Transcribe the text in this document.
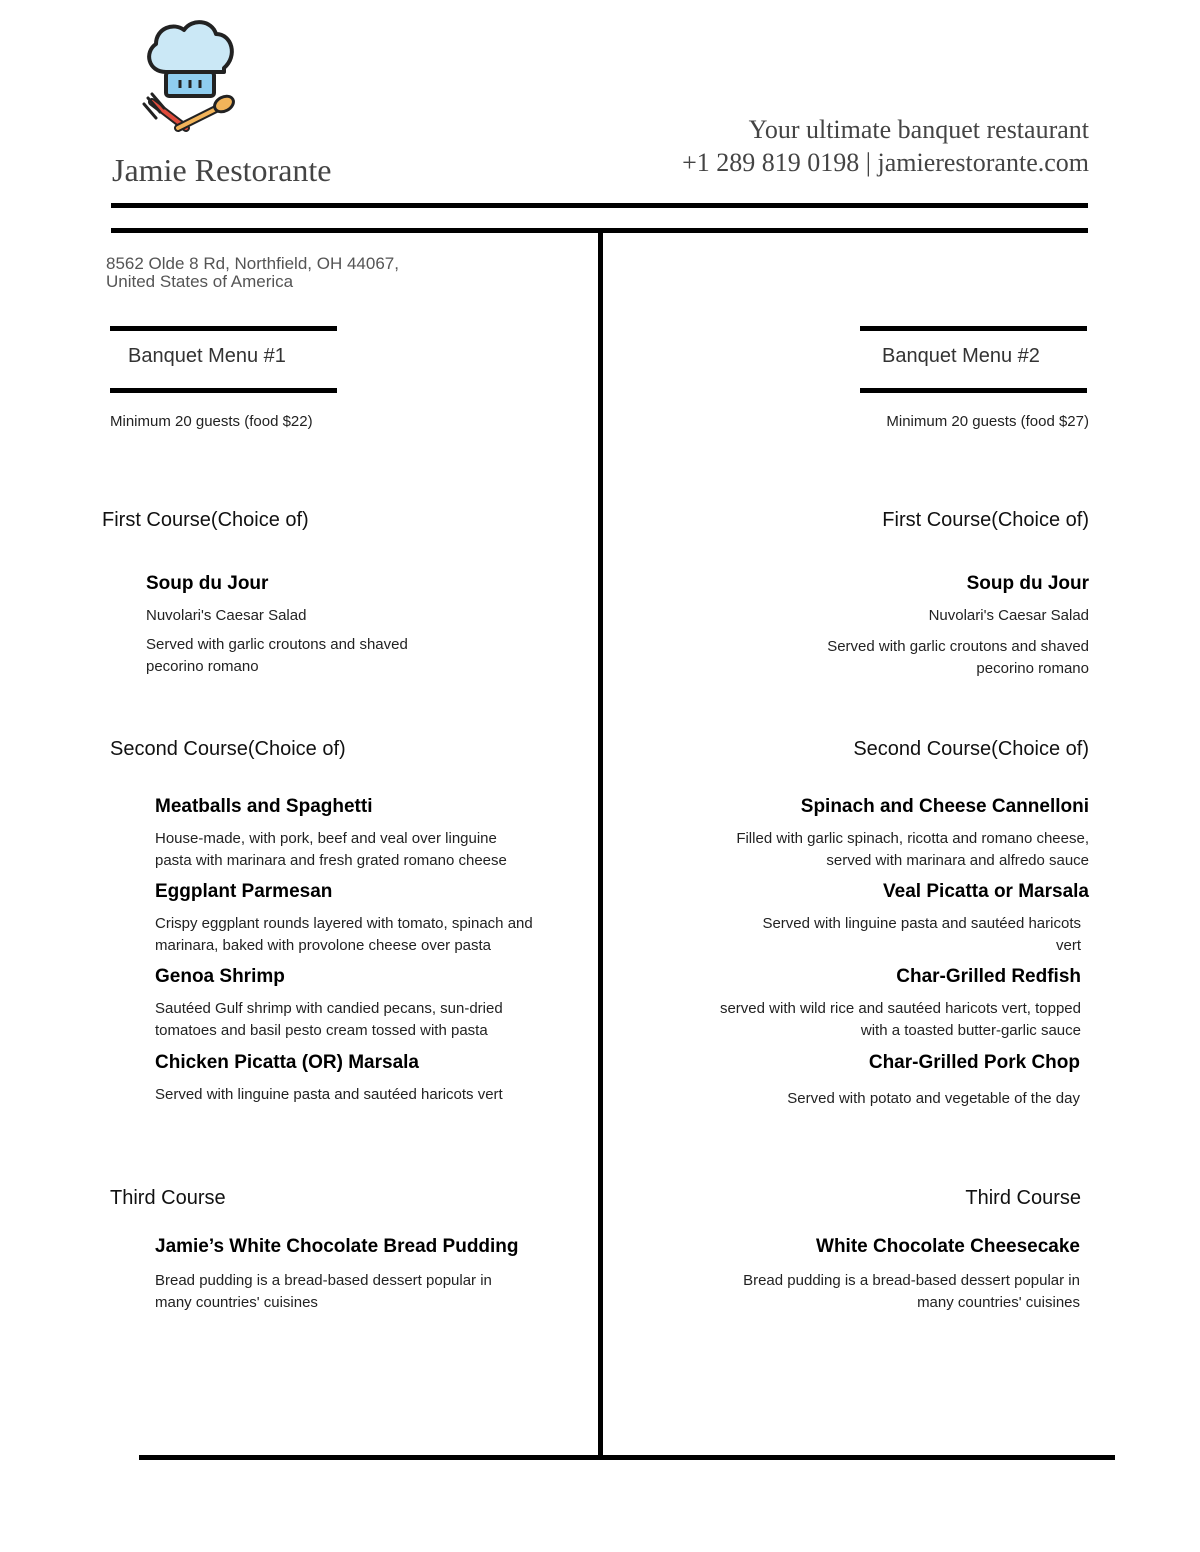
Jamie Restorante
Your ultimate banquet restaurant
+1 289 819 0198 | jamierestorante.com
8562 Olde 8 Rd, Northfield, OH 44067,
United States of America
Banquet Menu #1
Minimum 20 guests (food $22)
First Course(Choice of)
Soup du Jour
Nuvolari's Caesar Salad
Served with garlic croutons and shaved
pecorino romano
Second Course(Choice of)
Meatballs and Spaghetti
House-made, with pork, beef and veal over linguine
pasta with marinara and fresh grated romano cheese
Eggplant Parmesan
Crispy eggplant rounds layered with tomato, spinach and
marinara, baked with provolone cheese over pasta
Genoa Shrimp
Sautéed Gulf shrimp with candied pecans, sun-dried
tomatoes and basil pesto cream tossed with pasta
Chicken Picatta (OR) Marsala
Served with linguine pasta and sautéed haricots vert
Third Course
Jamie’s White Chocolate Bread Pudding
Bread pudding is a bread-based dessert popular in
many countries' cuisines
Banquet Menu #2
Minimum 20 guests (food $27)
First Course(Choice of)
Soup du Jour
Nuvolari's Caesar Salad
Served with garlic croutons and shaved
pecorino romano
Second Course(Choice of)
Spinach and Cheese Cannelloni
Filled with garlic spinach, ricotta and romano cheese,
served with marinara and alfredo sauce
Veal Picatta or Marsala
Served with linguine pasta and sautéed haricots
vert
Char-Grilled Redfish
served with wild rice and sautéed haricots vert, topped
with a toasted butter-garlic sauce
Char-Grilled Pork Chop
Served with potato and vegetable of the day
Third Course
White Chocolate Cheesecake
Bread pudding is a bread-based dessert popular in
many countries' cuisines
